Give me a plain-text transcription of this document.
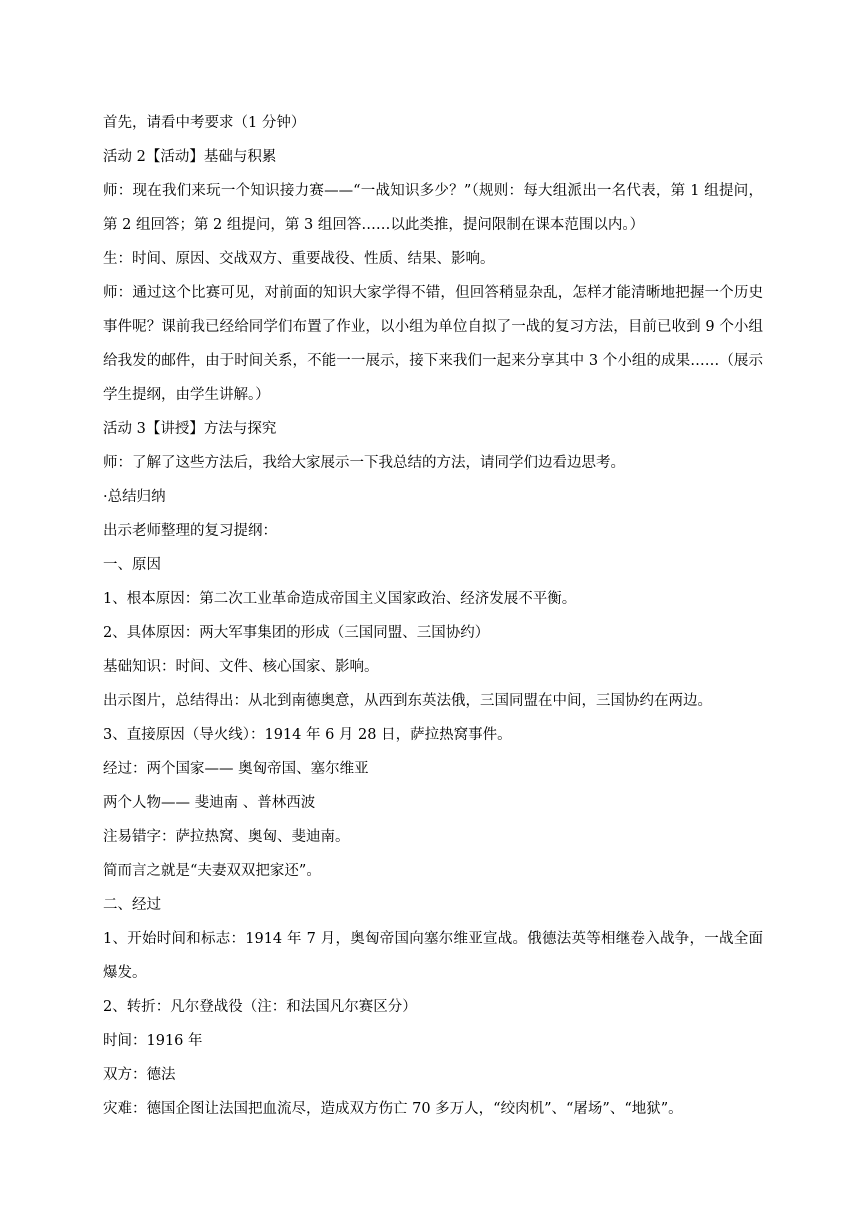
首先，请看中考要求（1 分钟）

活动 2【活动】基础与积累

师：现在我们来玩一个知识接力赛——“一战知识多少？”（规则：每大组派出一名代表，第 1 组提问，第 2 组回答；第 2 组提问，第 3 组回答……以此类推，提问限制在课本范围以内。）

生：时间、原因、交战双方、重要战役、性质、结果、影响。

师：通过这个比赛可见，对前面的知识大家学得不错，但回答稍显杂乱，怎样才能清晰地把握一个历史事件呢？课前我已经给同学们布置了作业，以小组为单位自拟了一战的复习方法，目前已收到 9 个小组给我发的邮件，由于时间关系，不能一一展示，接下来我们一起来分享其中 3 个小组的成果……（展示学生提纲，由学生讲解。）

活动 3【讲授】方法与探究

师：了解了这些方法后，我给大家展示一下我总结的方法，请同学们边看边思考。

·总结归纳

出示老师整理的复习提纲：

一、原因

1、根本原因：第二次工业革命造成帝国主义国家政治、经济发展不平衡。

2、具体原因：两大军事集团的形成（三国同盟、三国协约）

基础知识：时间、文件、核心国家、影响。

出示图片，总结得出：从北到南德奥意，从西到东英法俄，三国同盟在中间，三国协约在两边。

3、直接原因（导火线）：1914 年 6 月 28 日，萨拉热窝事件。

经过：两个国家—— 奥匈帝国、塞尔维亚

两个人物—— 斐迪南 、普林西波

注易错字：萨拉热窝、奥匈、斐迪南。

简而言之就是“夫妻双双把家还”。

二、经过

1、开始时间和标志：1914 年 7 月，奥匈帝国向塞尔维亚宣战。俄德法英等相继卷入战争，一战全面爆发。

2、转折：凡尔登战役（注：和法国凡尔赛区分）

时间：1916 年

双方：德法

灾难：德国企图让法国把血流尽，造成双方伤亡 70 多万人，“绞肉机”、“屠场”、“地狱”。
